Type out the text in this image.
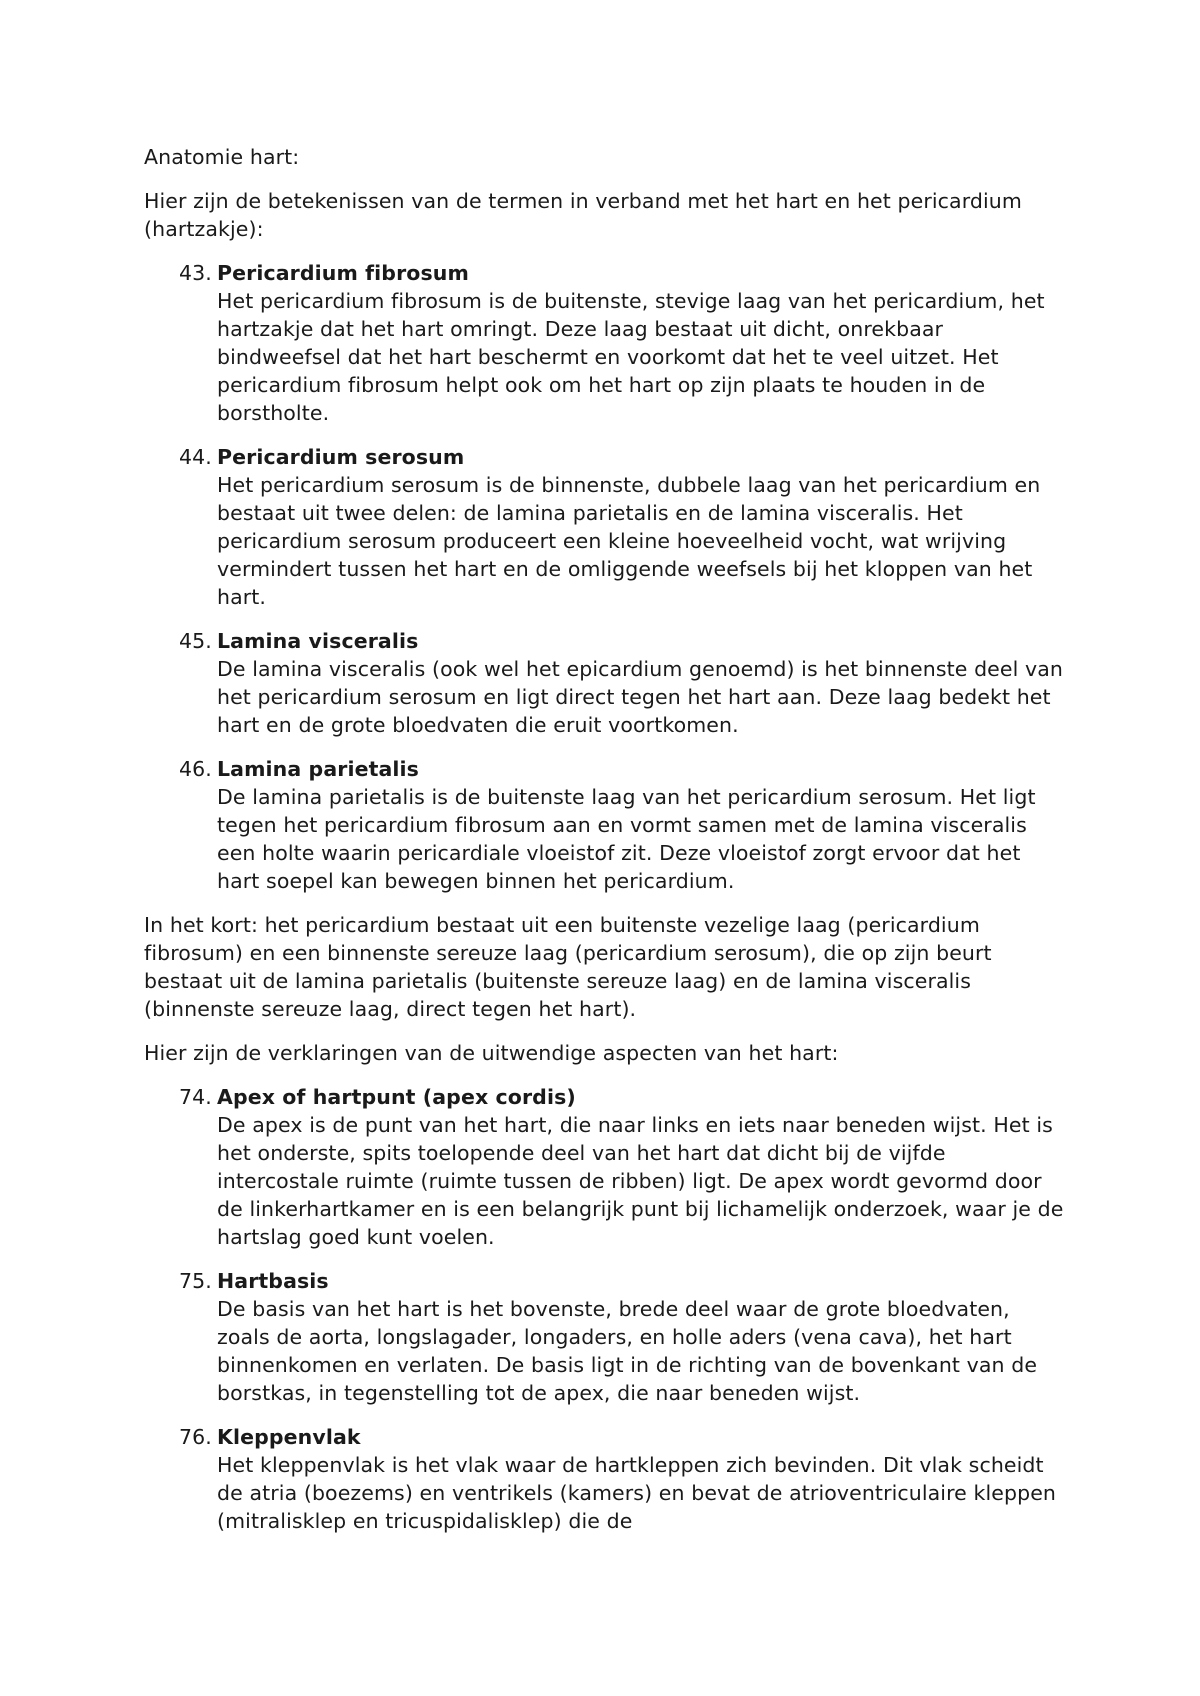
Anatomie hart:

Hier zijn de betekenissen van de termen in verband met het hart en het pericardium (hartzakje):

43. Pericardium fibrosum
Het pericardium fibrosum is de buitenste, stevige laag van het pericardium, het hartzakje dat het hart omringt. Deze laag bestaat uit dicht, onrekbaar bindweefsel dat het hart beschermt en voorkomt dat het te veel uitzet. Het pericardium fibrosum helpt ook om het hart op zijn plaats te houden in de borstholte.
44. Pericardium serosum
Het pericardium serosum is de binnenste, dubbele laag van het pericardium en bestaat uit twee delen: de lamina parietalis en de lamina visceralis. Het pericardium serosum produceert een kleine hoeveelheid vocht, wat wrijving vermindert tussen het hart en de omliggende weefsels bij het kloppen van het hart.
45. Lamina visceralis
De lamina visceralis (ook wel het epicardium genoemd) is het binnenste deel van het pericardium serosum en ligt direct tegen het hart aan. Deze laag bedekt het hart en de grote bloedvaten die eruit voortkomen.
46. Lamina parietalis
De lamina parietalis is de buitenste laag van het pericardium serosum. Het ligt tegen het pericardium fibrosum aan en vormt samen met de lamina visceralis een holte waarin pericardiale vloeistof zit. Deze vloeistof zorgt ervoor dat het hart soepel kan bewegen binnen het pericardium.

In het kort: het pericardium bestaat uit een buitenste vezelige laag (pericardium fibrosum) en een binnenste sereuze laag (pericardium serosum), die op zijn beurt bestaat uit de lamina parietalis (buitenste sereuze laag) en de lamina visceralis (binnenste sereuze laag, direct tegen het hart).

Hier zijn de verklaringen van de uitwendige aspecten van het hart:

74. Apex of hartpunt (apex cordis)
De apex is de punt van het hart, die naar links en iets naar beneden wijst. Het is het onderste, spits toelopende deel van het hart dat dicht bij de vijfde intercostale ruimte (ruimte tussen de ribben) ligt. De apex wordt gevormd door de linkerhartkamer en is een belangrijk punt bij lichamelijk onderzoek, waar je de hartslag goed kunt voelen.
75. Hartbasis
De basis van het hart is het bovenste, brede deel waar de grote bloedvaten, zoals de aorta, longslagader, longaders, en holle aders (vena cava), het hart binnenkomen en verlaten. De basis ligt in de richting van de bovenkant van de borstkas, in tegenstelling tot de apex, die naar beneden wijst.
76. Kleppenvlak
Het kleppenvlak is het vlak waar de hartkleppen zich bevinden. Dit vlak scheidt de atria (boezems) en ventrikels (kamers) en bevat de atrioventriculaire kleppen (mitralisklep en tricuspidalisklep) die de
